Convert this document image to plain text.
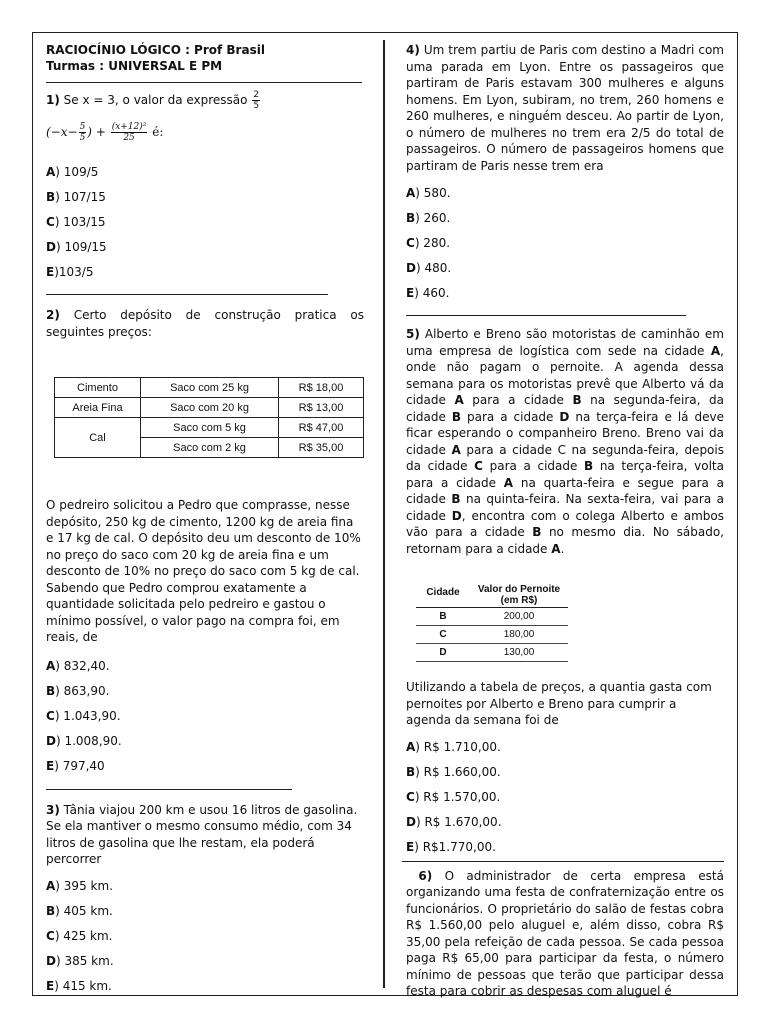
RACIOCÍNIO LÓGICO : Prof Brasil

Turmas : UNIVERSAL E PM

1) Se x = 3, o valor da expressão $\frac{2}{5}$

($-x- \frac{5}{5}$ ) + $\frac{\text{(x+12)²}}{25}$ é:

A) 109/5

B) 107/15

C) 103/15

D) 109/15

E)103/5

2) Certo depósito de construção pratica os seguintes preços:

Cimento	Saco com 25 kg	R$ 18,00
Areia Fina	Saco com 20 kg	R$ 13,00
Cal	Saco com 5 kg	R$ 47,00
	Saco com 2 kg	R$ 35,00

O pedreiro solicitou a Pedro que comprasse, nesse depósito, 250 kg de cimento, 1200 kg de areia fina e 17 kg de cal. O depósito deu um desconto de 10% no preço do saco com 20 kg de areia fina e um desconto de 10% no preço do saco com 5 kg de cal. Sabendo que Pedro comprou exatamente a quantidade solicitada pelo pedreiro e gastou o mínimo possível, o valor pago na compra foi, em reais, de

A) 832,40.

B) 863,90.

C) 1.043,90.

D) 1.008,90.

E) 797,40

3) Tânia viajou 200 km e usou 16 litros de gasolina. Se ela mantiver o mesmo consumo médio, com 34 litros de gasolina que lhe restam, ela poderá percorrer

A) 395 km.

B) 405 km.

C) 425 km.

D) 385 km.

E) 415 km.

4) Um trem partiu de Paris com destino a Madri com uma parada em Lyon. Entre os passageiros que partiram de Paris estavam 300 mulheres e alguns homens. Em Lyon, subiram, no trem, 260 homens e 260 mulheres, e ninguém desceu. Ao partir de Lyon, o número de mulheres no trem era 2/5 do total de passageiros. O número de passageiros homens que partiram de Paris nesse trem era

A) 580.

B) 260.

C) 280.

D) 480.

E) 460.

5) Alberto e Breno são motoristas de caminhão em uma empresa de logística com sede na cidade A, onde não pagam o pernoite. A agenda dessa semana para os motoristas prevê que Alberto vá da cidade A para a cidade B na segunda-feira, da cidade B para a cidade D na terça-feira e lá deve ficar esperando o companheiro Breno. Breno vai da cidade A para a cidade C na segunda-feira, depois da cidade C para a cidade B na terça-feira, volta para a cidade A na quarta-feira e segue para a cidade B na quinta-feira. Na sexta-feira, vai para a cidade D, encontra com o colega Alberto e ambos vão para a cidade B no mesmo dia. No sábado, retornam para a cidade A.

Cidade	Valor do Pernoite (em R$)
B	200,00
C	180,00
D	130,00

Utilizando a tabela de preços, a quantia gasta com pernoites por Alberto e Breno para cumprir a agenda da semana foi de

A) R$ 1.710,00.

B) R$ 1.660,00.

C) R$ 1.570,00.

D) R$ 1.670,00.

E) R$1.770,00.

6) O administrador de certa empresa está organizando uma festa de confraternização entre os funcionários. O proprietário do salão de festas cobra R$ 1.560,00 pelo aluguel e, além disso, cobra R$ 35,00 pela refeição de cada pessoa. Se cada pessoa paga R$ 65,00 para participar da festa, o número mínimo de pessoas que terão que participar dessa festa para cobrir as despesas com aluguel é
